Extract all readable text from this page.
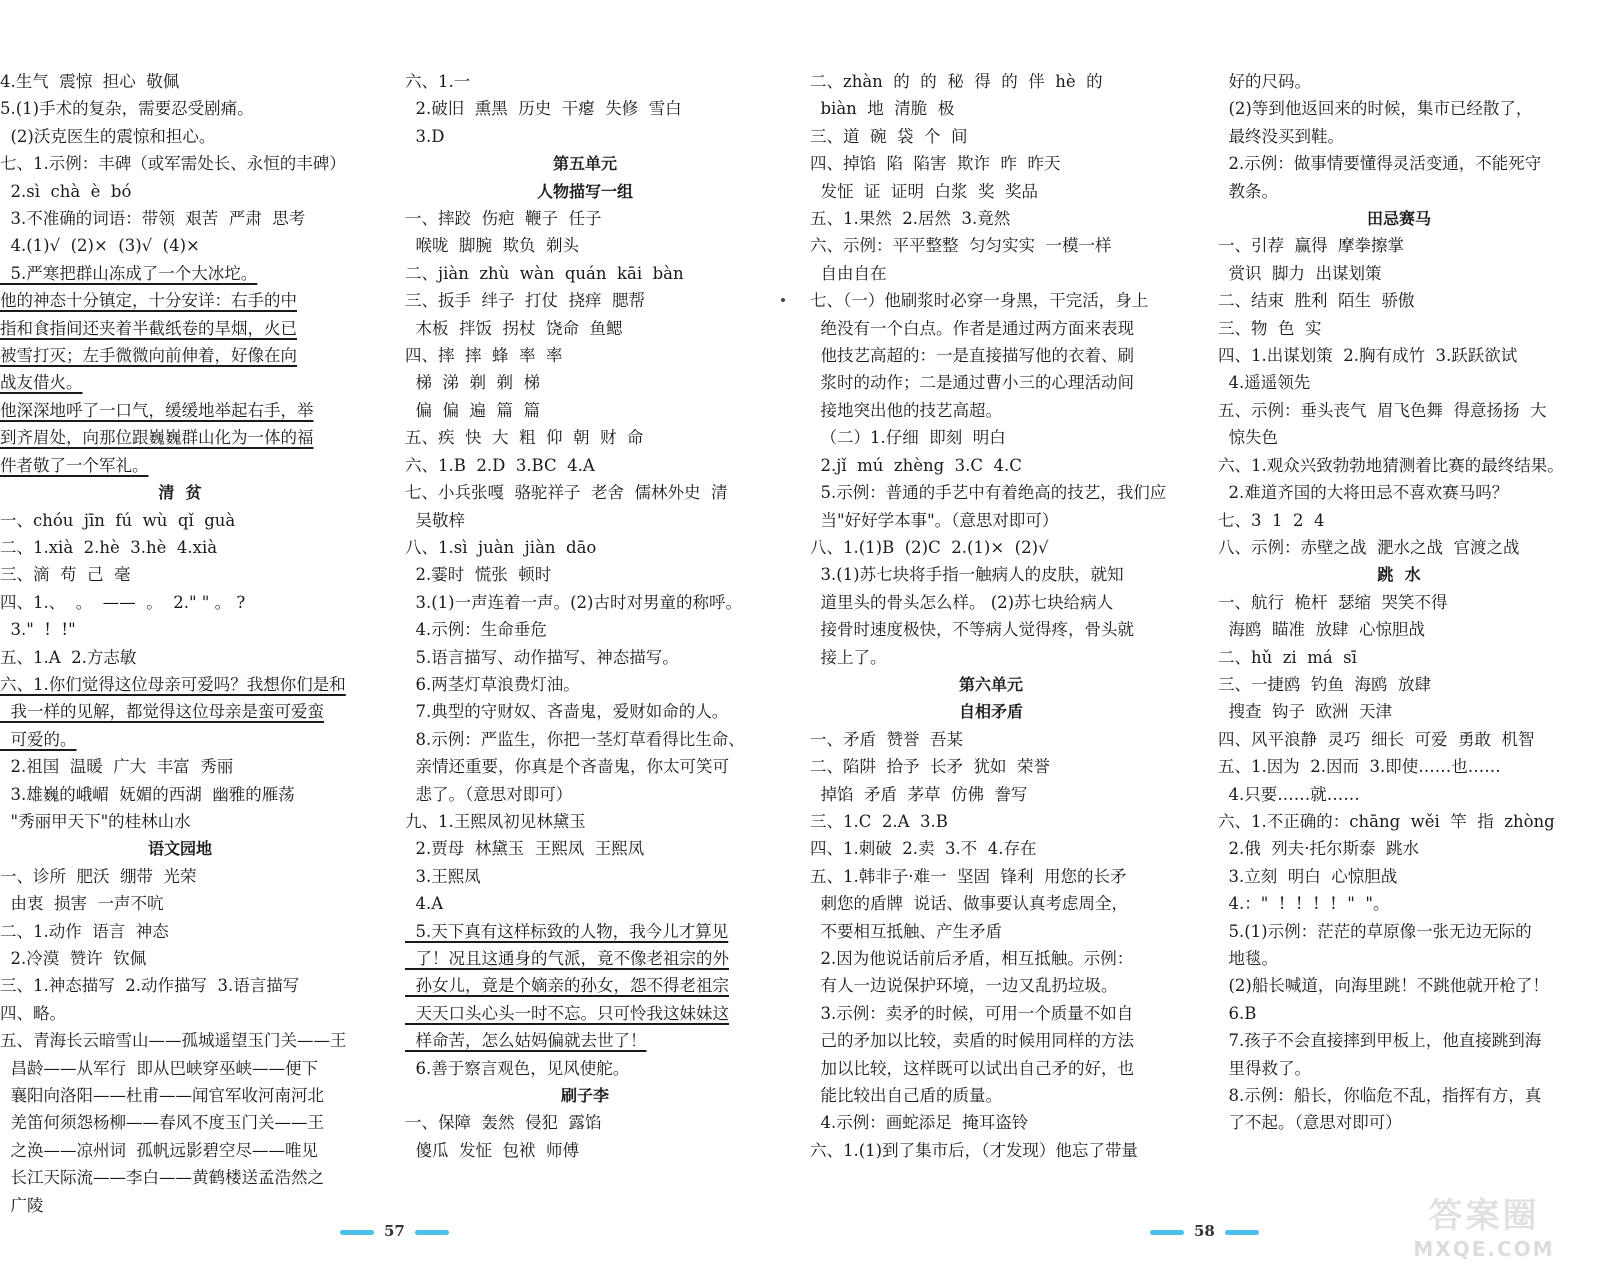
4.生气  震惊  担心  敬佩
5.(1)手术的复杂，需要忍受剧痛。
(2)沃克医生的震惊和担心。
七、1.示例：丰碑（或军需处长、永恒的丰碑）
2.sì  chà  è  bó
3.不准确的词语：带领  艰苦  严肃  思考
4.(1)√  (2)×  (3)√  (4)×
5.严寒把群山冻成了一个大冰坨。
他的神态十分镇定，十分安详：右手的中
指和食指间还夹着半截纸卷的旱烟，火已
被雪打灭；左手微微向前伸着，好像在向
战友借火。
他深深地呼了一口气，缓缓地举起右手，举
到齐眉处，向那位跟巍巍群山化为一体的福
件者敬了一个军礼。
清  贫
一、chóu  jīn  fú  wù  qǐ  guà
二、1.xià  2.hè  3.hè  4.xià
三、滴  苟  己  毫
四、1.、  。  ——  。  2." " 。 ?
3."  !  !"
五、1.A  2.方志敏
六、1.你们觉得这位母亲可爱吗？我想你们是和
我一样的见解，都觉得这位母亲是蛮可爱蛮
可爱的。
2.祖国  温暖  广大  丰富  秀丽
3.雄巍的峨嵋  妩媚的西湖  幽雅的雁荡
"秀丽甲天下"的桂林山水
语文园地
一、诊所  肥沃  绷带  光荣
由衷  损害  一声不吭
二、1.动作  语言  神态
2.冷漠  赞许  钦佩
三、1.神态描写  2.动作描写  3.语言描写
四、略。
五、青海长云暗雪山——孤城遥望玉门关——王
昌龄——从军行  即从巴峡穿巫峡——便下
襄阳向洛阳——杜甫——闻官军收河南河北
羌笛何须怨杨柳——春风不度玉门关——王
之涣——凉州词  孤帆远影碧空尽——唯见
长江天际流——李白——黄鹤楼送孟浩然之
广陵
六、1.一
2.破旧  熏黑  历史  干瘪  失修  雪白
3.D
第五单元
人物描写一组
一、摔跤  伤疤  鞭子  任子
喉咙  脚腕  欺负  剃头
二、jiàn  zhù  wàn  quán  kāi  bàn
三、扳手  绊子  打仗  挠痒  腮帮
木板  拌饭  拐杖  饶命  鱼鳃
四、摔  摔  蜂  率  率
梯  涕  剃  剃  梯
偏  偏  遍  篇  篇
五、疾  快  大  粗  仰  朝  财  命
六、1.B  2.D  3.BC  4.A
七、小兵张嘎  骆驼祥子  老舍  儒林外史  清
吴敬梓
八、1.sì  juàn  jiàn  dāo
2.霎时  慌张  顿时
3.(1)一声连着一声。(2)古时对男童的称呼。
4.示例：生命垂危
5.语言描写、动作描写、神态描写。
6.两茎灯草浪费灯油。
7.典型的守财奴、吝啬鬼，爱财如命的人。
8.示例：严监生，你把一茎灯草看得比生命、
亲情还重要，你真是个吝啬鬼，你太可笑可
悲了。（意思对即可）
九、1.王熙凤初见林黛玉
2.贾母  林黛玉  王熙凤  王熙凤
3.王熙凤
4.A
5.天下真有这样标致的人物，我今儿才算见
了！况且这通身的气派，竟不像老祖宗的外
孙女儿，竟是个嫡亲的孙女，怨不得老祖宗
天天口头心头一时不忘。只可怜我这妹妹这
样命苦，怎么姑妈偏就去世了！
6.善于察言观色，见风使舵。
刷子李
一、保障  轰然  侵犯  露馅
傻瓜  发怔  包袱  师傅
二、zhàn  的  的  秘  得  的  伴  hè  的
biàn  地  清脆  极
三、道  碗  袋  个  间
四、掉馅  陷  陷害  欺诈  昨  昨天
发怔  证  证明  白浆  奖  奖品
五、1.果然  2.居然  3.竟然
六、示例：平平整整  匀匀实实  一模一样
自由自在
七、（一）他刷浆时必穿一身黑，干完活，身上
绝没有一个白点。作者是通过两方面来表现
他技艺高超的：一是直接描写他的衣着、刷
浆时的动作；二是通过曹小三的心理活动间
接地突出他的技艺高超。
（二）1.仔细  即刻  明白
2.jǐ  mú  zhèng  3.C  4.C
5.示例：普通的手艺中有着绝高的技艺，我们应
当"好好学本事"。（意思对即可）
八、1.(1)B  (2)C  2.(1)×  (2)√
3.(1)苏七块将手指一触病人的皮肤，就知
道里头的骨头怎么样。 (2)苏七块给病人
接骨时速度极快，不等病人觉得疼，骨头就
接上了。
第六单元
自相矛盾
一、矛盾  赞誉  吾某
二、陷阱  拾予  长矛  犹如  荣誉
掉馅  矛盾  茅草  仿佛  誊写
三、1.C  2.A  3.B
四、1.刺破  2.卖  3.不  4.存在
五、1.韩非子·难一  坚固  锋利  用您的长矛
刺您的盾牌  说话、做事要认真考虑周全，
不要相互抵触、产生矛盾
2.因为他说话前后矛盾，相互抵触。示例：
有人一边说保护环境，一边又乱扔垃圾。
3.示例：卖矛的时候，可用一个质量不如自
己的矛加以比较，卖盾的时候用同样的方法
加以比较，这样既可以试出自己矛的好，也
能比较出自己盾的质量。
4.示例：画蛇添足  掩耳盗铃
六、1.(1)到了集市后，（才发现）他忘了带量
好的尺码。
(2)等到他返回来的时候，集市已经散了，
最终没买到鞋。
2.示例：做事情要懂得灵活变通，不能死守
教条。
田忌赛马
一、引荐  赢得  摩拳擦掌
赏识  脚力  出谋划策
二、结束  胜利  陌生  骄傲
三、物  色  实
四、1.出谋划策  2.胸有成竹  3.跃跃欲试
4.遥遥领先
五、示例：垂头丧气  眉飞色舞  得意扬扬  大
惊失色
六、1.观众兴致勃勃地猜测着比赛的最终结果。
2.难道齐国的大将田忌不喜欢赛马吗？
七、3  1  2  4
八、示例：赤壁之战  淝水之战  官渡之战
跳  水
一、航行  桅杆  瑟缩  哭笑不得
海鸥  瞄准  放肆  心惊胆战
二、hǔ  zi  má  sī
三、一捷鸥  钓鱼  海鸥  放肆
搜查  钩子  欧洲  天津
四、风平浪静  灵巧  细长  可爱  勇敢  机智
五、1.因为  2.因而  3.即使……也……
4.只要……就……
六、1.不正确的：chāng  wěi  竿  指  zhòng
2.俄  列夫·托尔斯泰  跳水
3.立刻  明白  心惊胆战
4.："  !  !  !  !  "  "。
5.(1)示例：茫茫的草原像一张无边无际的
地毯。
(2)船长喊道，向海里跳！不跳他就开枪了！
6.B
7.孩子不会直接摔到甲板上，他直接跳到海
里得救了。
8.示例：船长，你临危不乱，指挥有方，真
了不起。（意思对即可）
57	58	答案圈
MXQE.COM
